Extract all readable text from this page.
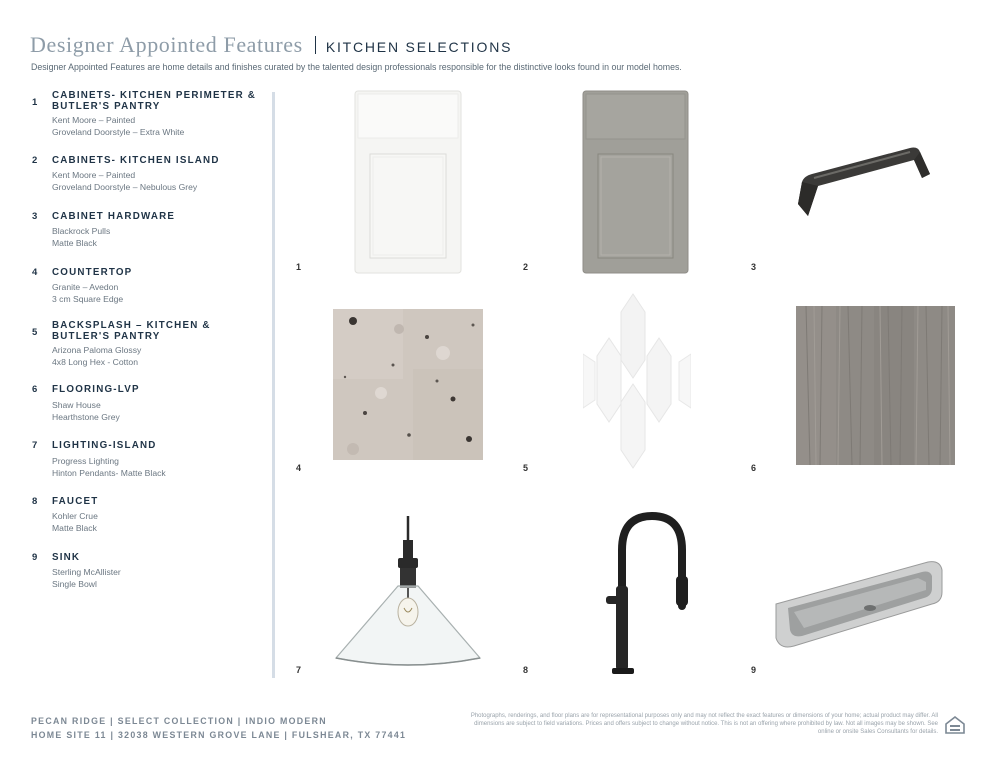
Designer Appointed Features KITCHEN SELECTIONS
Designer Appointed Features are home details and finishes curated by the talented design professionals responsible for the distinctive looks found in our model homes.
1
CABINETS- KITCHEN PERIMETER & BUTLER'S PANTRY
Kent Moore – Painted
Groveland Doorstyle – Extra White
2 CABINETS- KITCHEN ISLAND
Kent Moore – Painted
Groveland Doorstyle – Nebulous Grey
3 CABINET HARDWARE
Blackrock Pulls
Matte Black
4 COUNTERTOP
Granite – Avedon
3 cm Square Edge
5
BACKSPLASH – KITCHEN & BUTLER'S PANTRY
Arizona Paloma Glossy
4x8 Long Hex - Cotton
6 FLOORING-LVP
Shaw House
Hearthstone Grey
7 LIGHTING-ISLAND
Progress Lighting
Hinton Pendants- Matte Black
8 FAUCET
Kohler Crue
Matte Black
9 SINK
Sterling McAllister
Single Bowl
1	2	3
4	5	6
7	8	9
PECAN RIDGE | SELECT COLLECTION | INDIO MODERN
HOME SITE 11 | 32038 WESTERN GROVE LANE | FULSHEAR, TX 77441
Photographs, renderings, and floor plans are for representational purposes only and may not reflect the exact features or dimensions of your home; actual product may differ. All dimensions are subject to field variations. Prices and offers subject to change without notice. This is not an offering where prohibited by law. Not all images may be shown. See online or onsite Sales Consultants for details.
